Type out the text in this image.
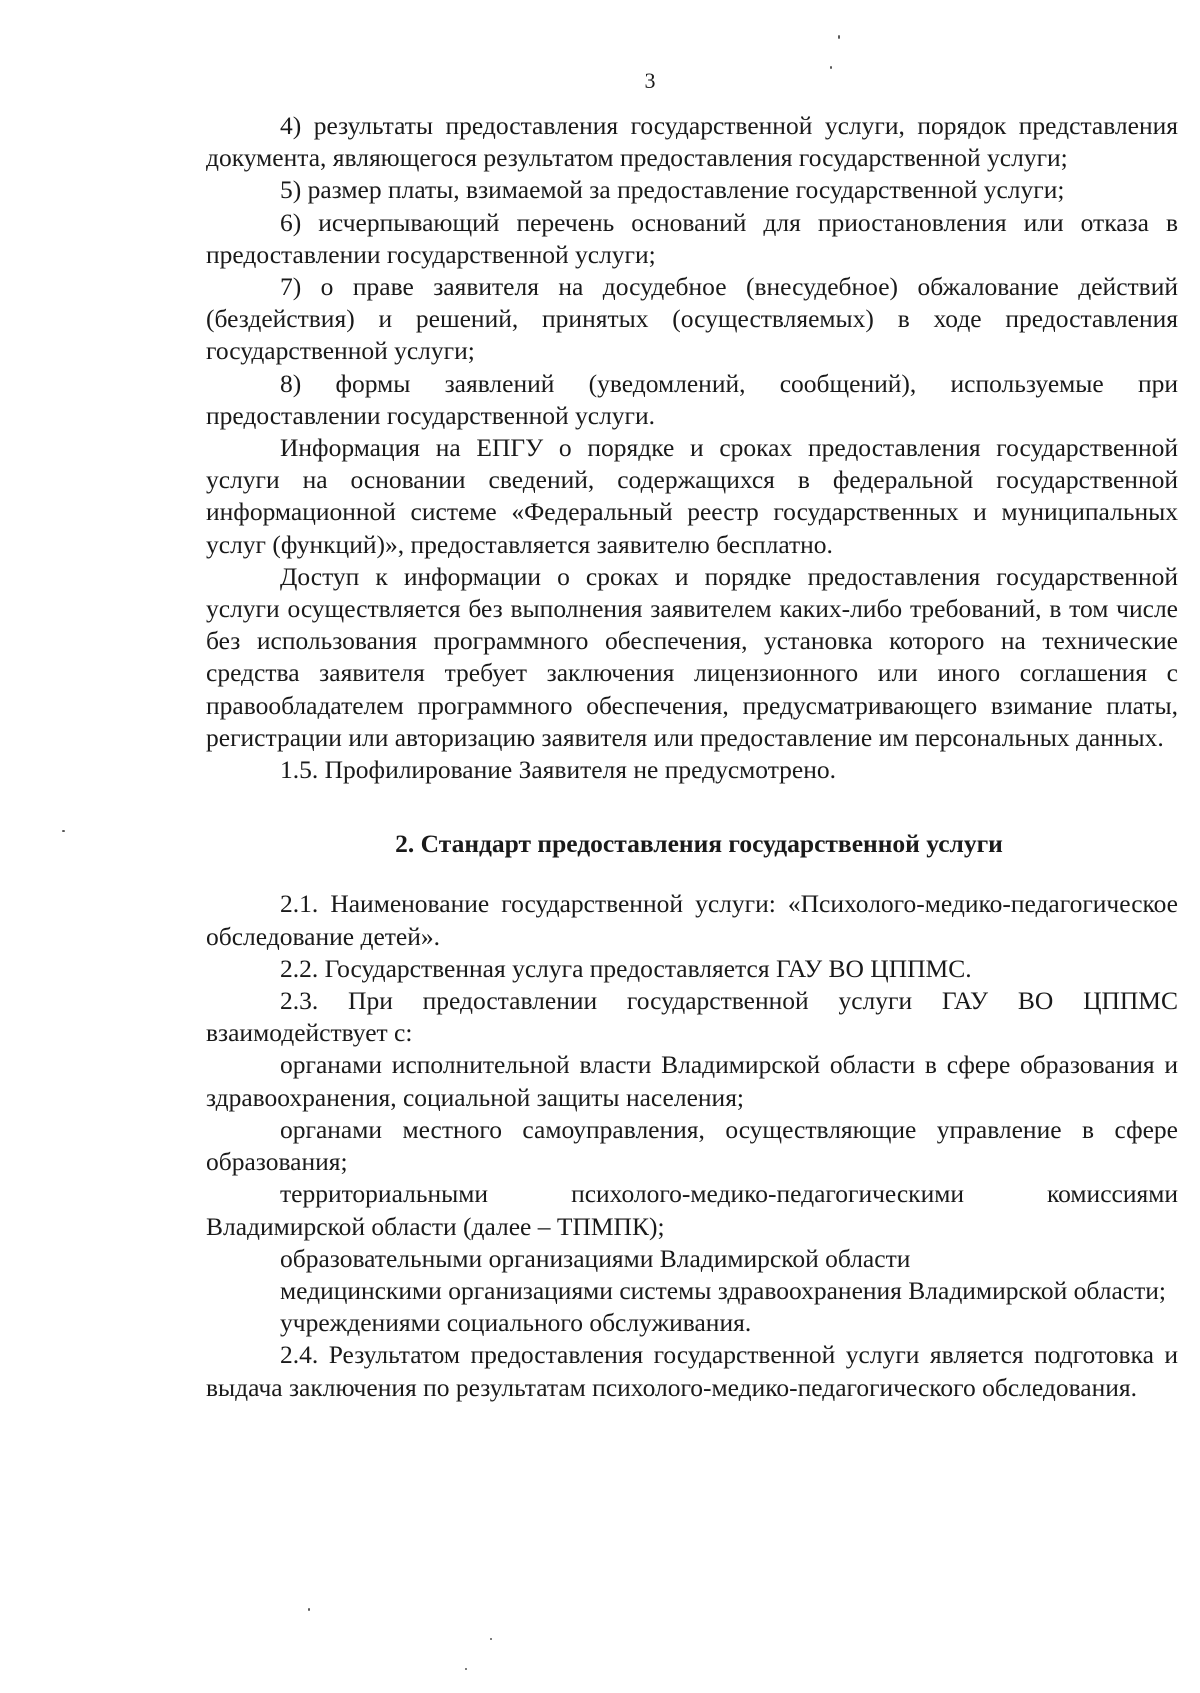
3

4) результаты предоставления государственной услуги, порядок представления документа, являющегося результатом предоставления государственной услуги;

5) размер платы, взимаемой за предоставление государственной услуги;

6) исчерпывающий перечень оснований для приостановления или отказа в предоставлении государственной услуги;

7) о праве заявителя на досудебное (внесудебное) обжалование действий (бездействия) и решений, принятых (осуществляемых) в ходе предоставления государственной услуги;

8) формы заявлений (уведомлений, сообщений), используемые при предоставлении государственной услуги.

Информация на ЕПГУ о порядке и сроках предоставления государственной услуги на основании сведений, содержащихся в федеральной государственной информационной системе «Федеральный реестр государственных и муниципальных услуг (функций)», предоставляется заявителю бесплатно.

Доступ к информации о сроках и порядке предоставления государственной услуги осуществляется без выполнения заявителем каких-либо требований, в том числе без использования программного обеспечения, установка которого на технические средства заявителя требует заключения лицензионного или иного соглашения с правообладателем программного обеспечения, предусматривающего взимание платы, регистрации или авторизацию заявителя или предоставление им персональных данных.

1.5. Профилирование Заявителя не предусмотрено.

2. Стандарт предоставления государственной услуги

2.1. Наименование государственной услуги: «Психолого-медико-педагогическое обследование детей».

2.2. Государственная услуга предоставляется ГАУ ВО ЦППМС.

2.3. При предоставлении государственной услуги ГАУ ВО ЦППМС взаимодействует с:

органами исполнительной власти Владимирской области в сфере образования и здравоохранения, социальной защиты населения;

органами местного самоуправления, осуществляющие управление в сфере образования;

территориальными психолого-медико-педагогическими комиссиями Владимирской области (далее – ТПМПК);

образовательными организациями Владимирской области

медицинскими организациями системы здравоохранения Владимирской области;

учреждениями социального обслуживания.

2.4. Результатом предоставления государственной услуги является подготовка и выдача заключения по результатам психолого-медико-педагогического обследования.
